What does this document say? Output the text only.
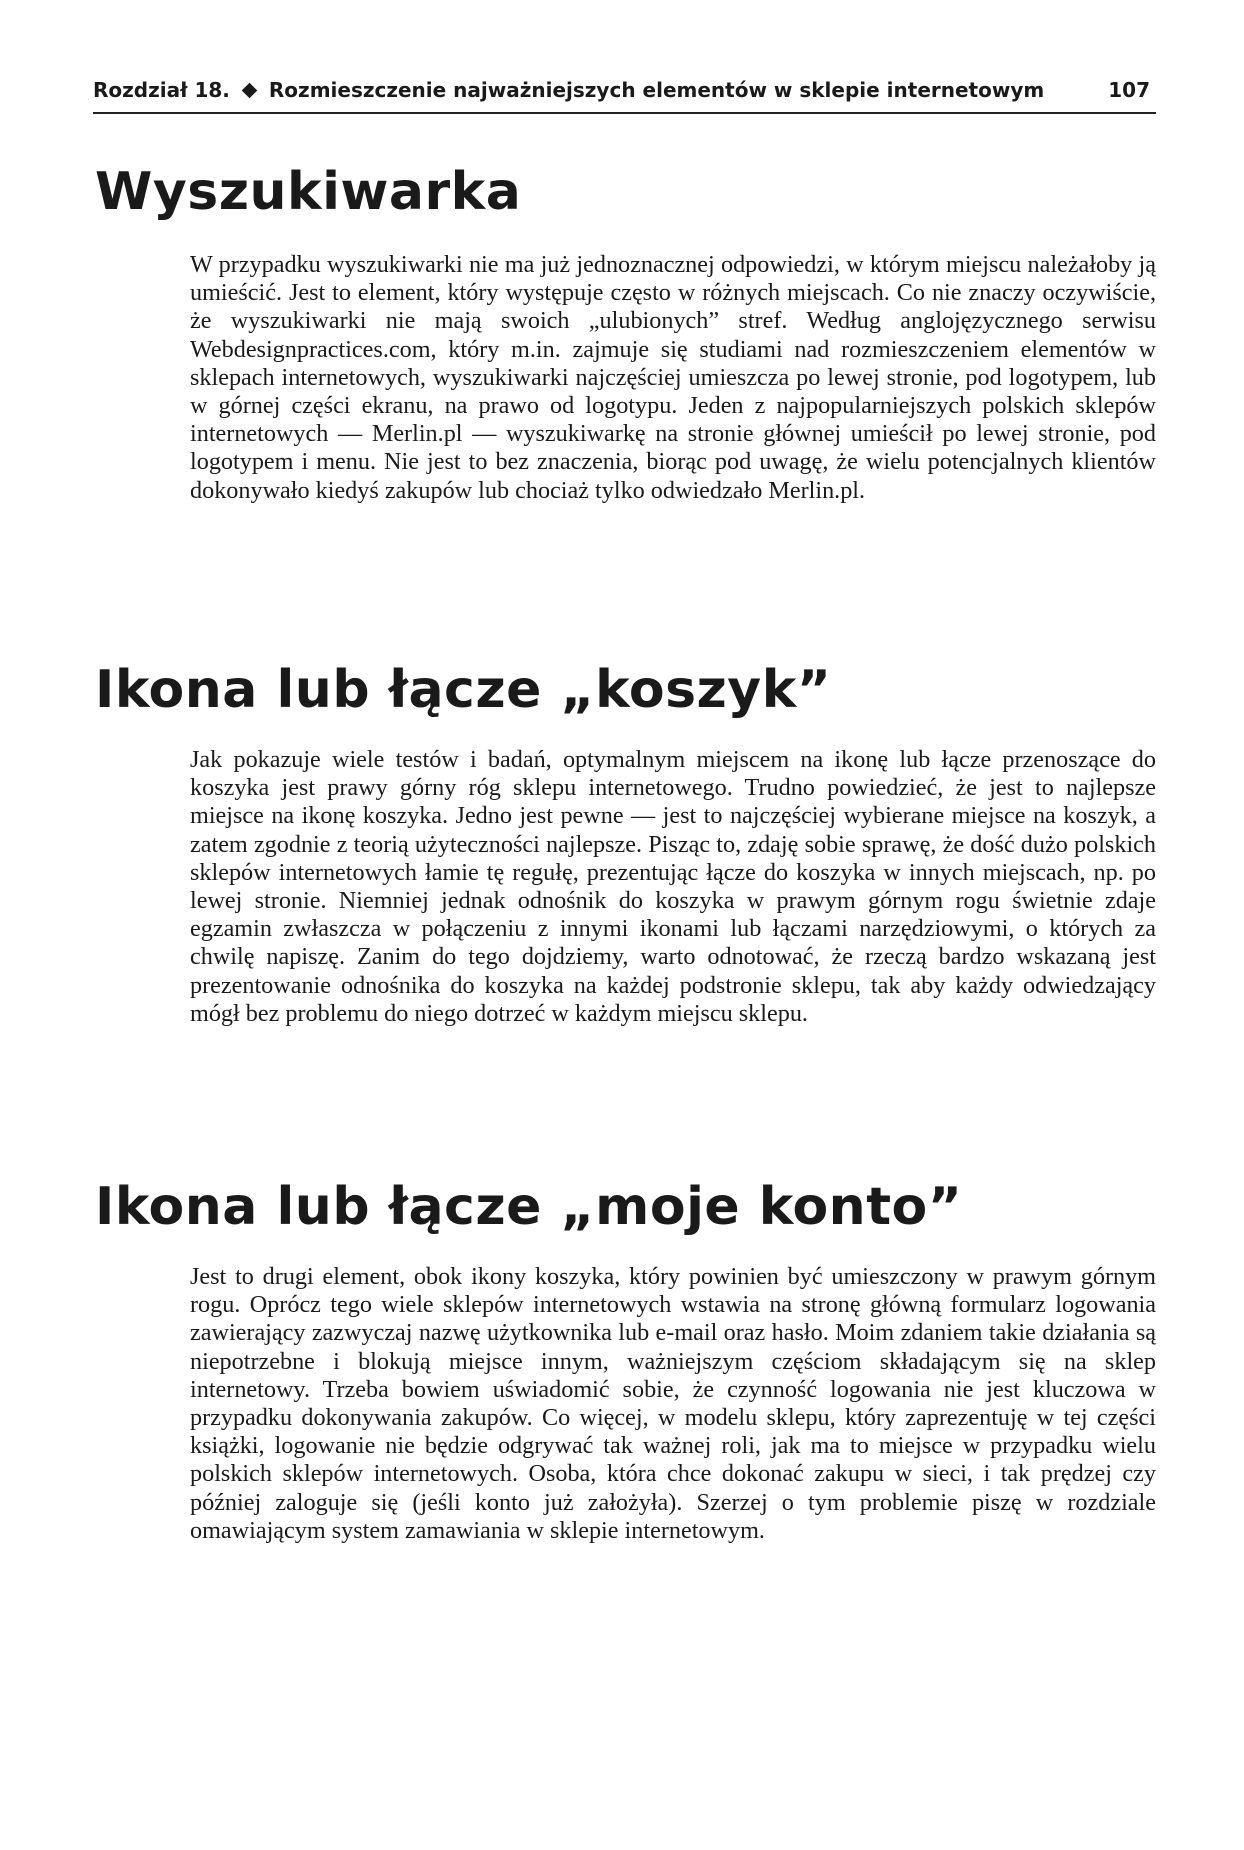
Rozdział 18. Rozmieszczenie najważniejszych elementów w sklepie internetowym	107
Wyszukiwarka

W przypadku wyszukiwarki nie ma już jednoznacznej odpowiedzi, w którym miejscu należałoby ją umieścić. Jest to element, który występuje często w różnych miejscach. Co nie znaczy oczywiście, że wyszukiwarki nie mają swoich „ulubionych” stref. Według anglojęzycznego serwisu Webdesignpractices.com, który m.in. zajmuje się studiami nad rozmieszczeniem elementów w sklepach internetowych, wyszukiwarki najczęściej umieszcza po lewej stronie, pod logotypem, lub w górnej części ekranu, na prawo od logotypu. Jeden z najpopularniejszych polskich sklepów internetowych — Merlin.pl — wyszukiwarkę na stronie głównej umieścił po lewej stronie, pod logotypem i menu. Nie jest to bez znaczenia, biorąc pod uwagę, że wielu potencjalnych klientów dokonywało kiedyś zakupów lub chociaż tylko odwiedzało Merlin.pl.

Ikona lub łącze „koszyk”

Jak pokazuje wiele testów i badań, optymalnym miejscem na ikonę lub łącze przenoszące do koszyka jest prawy górny róg sklepu internetowego. Trudno powiedzieć, że jest to najlepsze miejsce na ikonę koszyka. Jedno jest pewne — jest to najczęściej wybierane miejsce na koszyk, a zatem zgodnie z teorią użyteczności najlepsze. Pisząc to, zdaję sobie sprawę, że dość dużo polskich sklepów internetowych łamie tę regułę, prezentując łącze do koszyka w innych miejscach, np. po lewej stronie. Niemniej jednak odnośnik do koszyka w prawym górnym rogu świetnie zdaje egzamin zwłaszcza w połączeniu z innymi ikonami lub łączami narzędziowymi, o których za chwilę napiszę. Zanim do tego dojdziemy, warto odnotować, że rzeczą bardzo wskazaną jest prezentowanie odnośnika do koszyka na każdej podstronie sklepu, tak aby każdy odwiedzający mógł bez problemu do niego dotrzeć w każdym miejscu sklepu.

Ikona lub łącze „moje konto”

Jest to drugi element, obok ikony koszyka, który powinien być umieszczony w prawym górnym rogu. Oprócz tego wiele sklepów internetowych wstawia na stronę główną formularz logowania zawierający zazwyczaj nazwę użytkownika lub e-mail oraz hasło. Moim zdaniem takie działania są niepotrzebne i blokują miejsce innym, ważniejszym częściom składającym się na sklep internetowy. Trzeba bowiem uświadomić sobie, że czynność logowania nie jest kluczowa w przypadku dokonywania zakupów. Co więcej, w modelu sklepu, który zaprezentuję w tej części książki, logowanie nie będzie odgrywać tak ważnej roli, jak ma to miejsce w przypadku wielu polskich sklepów internetowych. Osoba, która chce dokonać zakupu w sieci, i tak prędzej czy później zaloguje się (jeśli konto już założyła). Szerzej o tym problemie piszę w rozdziale omawiającym system zamawiania w sklepie internetowym.
